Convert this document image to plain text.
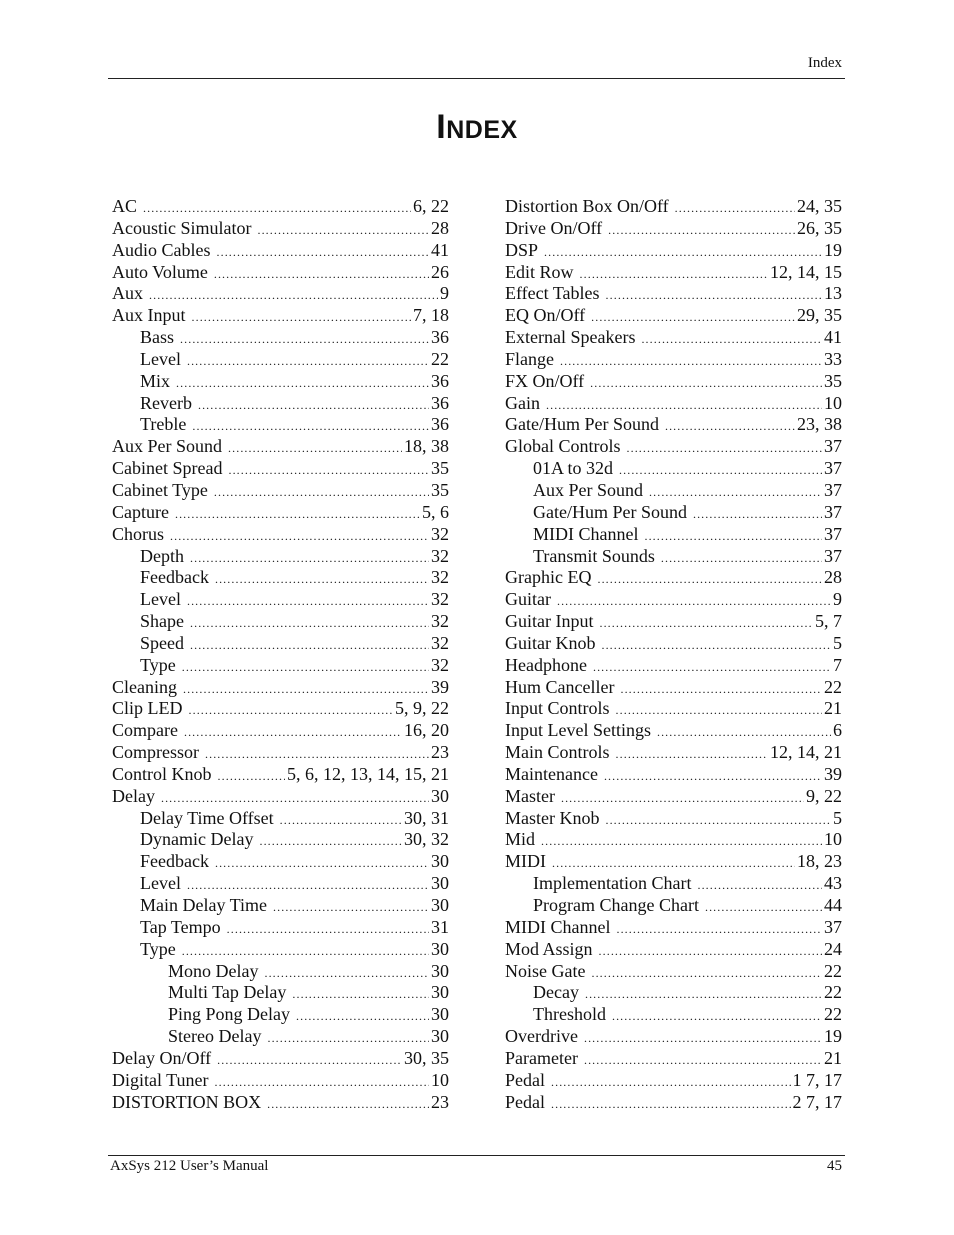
Index
INDEX
AC .....	6, 22
Acoustic Simulator .....	28
Audio Cables .....	41
Auto Volume .....	26
Aux .....	9
Aux Input .....	7, 18
Bass .....	36
Level .....	22
Mix .....	36
Reverb .....	36
Treble .....	36
Aux Per Sound .....	18, 38
Cabinet Spread .....	35
Cabinet Type .....	35
Capture .....	5, 6
Chorus .....	32
Depth .....	32
Feedback .....	32
Level .....	32
Shape .....	32
Speed .....	32
Type .....	32
Cleaning .....	39
Clip LED .....	5, 9, 22
Compare .....	16, 20
Compressor .....	23
Control Knob .....	5, 6, 12, 13, 14, 15, 21
Delay .....	30
Delay Time Offset .....	30, 31
Dynamic Delay .....	30, 32
Feedback .....	30
Level .....	30
Main Delay Time .....	30
Tap Tempo .....	31
Type .....	30
Mono Delay .....	30
Multi Tap Delay .....	30
Ping Pong Delay .....	30
Stereo Delay .....	30
Delay On/Off .....	30, 35
Digital Tuner .....	10
DISTORTION BOX .....	23
Distortion Box On/Off .....	24, 35
Drive On/Off .....	26, 35
DSP .....	19
Edit Row .....	12, 14, 15
Effect Tables .....	13
EQ On/Off .....	29, 35
External Speakers .....	41
Flange .....	33
FX On/Off .....	35
Gain .....	10
Gate/Hum Per Sound .....	23, 38
Global Controls .....	37
01A to 32d .....	37
Aux Per Sound .....	37
Gate/Hum Per Sound .....	37
MIDI Channel .....	37
Transmit Sounds .....	37
Graphic EQ .....	28
Guitar .....	9
Guitar Input .....	5, 7
Guitar Knob .....	5
Headphone .....	7
Hum Canceller .....	22
Input Controls .....	21
Input Level Settings .....	6
Main Controls .....	12, 14, 21
Maintenance .....	39
Master .....	9, 22
Master Knob .....	5
Mid .....	10
MIDI .....	18, 23
Implementation Chart .....	43
Program Change Chart .....	44
MIDI Channel .....	37
Mod Assign .....	24
Noise Gate .....	22
Decay .....	22
Threshold .....	22
Overdrive .....	19
Parameter .....	21
Pedal .....	1 7, 17
Pedal .....	2 7, 17
AxSys 212 User’s Manual	45
